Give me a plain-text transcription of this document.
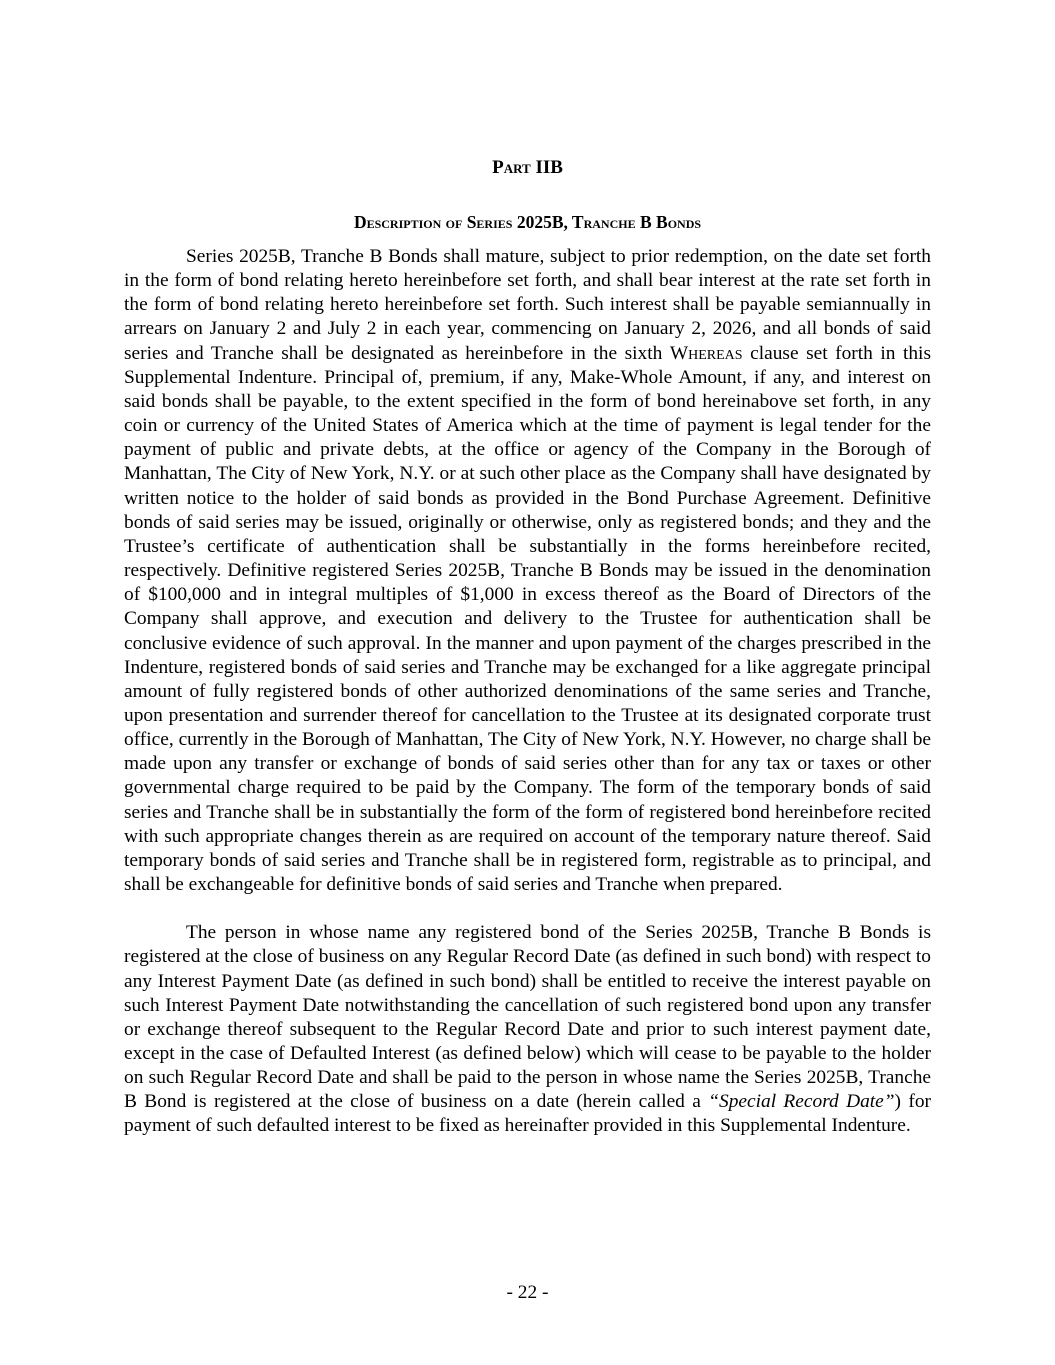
Part IIB
Description of Series 2025B, Tranche B Bonds

Series 2025B, Tranche B Bonds shall mature, subject to prior redemption, on the date set forth in the form of bond relating hereto hereinbefore set forth, and shall bear interest at the rate set forth in the form of bond relating hereto hereinbefore set forth. Such interest shall be payable semiannually in arrears on January 2 and July 2 in each year, commencing on January 2, 2026, and all bonds of said series and Tranche shall be designated as hereinbefore in the sixth Whereas clause set forth in this Supplemental Indenture. Principal of, premium, if any, Make-Whole Amount, if any, and interest on said bonds shall be payable, to the extent specified in the form of bond hereinabove set forth, in any coin or currency of the United States of America which at the time of payment is legal tender for the payment of public and private debts, at the office or agency of the Company in the Borough of Manhattan, The City of New York, N.Y. or at such other place as the Company shall have designated by written notice to the holder of said bonds as provided in the Bond Purchase Agreement. Definitive bonds of said series may be issued, originally or otherwise, only as registered bonds; and they and the Trustee’s certificate of authentication shall be substantially in the forms hereinbefore recited, respectively. Definitive registered Series 2025B, Tranche B Bonds may be issued in the denomination of $100,000 and in integral multiples of $1,000 in excess thereof as the Board of Directors of the Company shall approve, and execution and delivery to the Trustee for authentication shall be conclusive evidence of such approval. In the manner and upon payment of the charges prescribed in the Indenture, registered bonds of said series and Tranche may be exchanged for a like aggregate principal amount of fully registered bonds of other authorized denominations of the same series and Tranche, upon presentation and surrender thereof for cancellation to the Trustee at its designated corporate trust office, currently in the Borough of Manhattan, The City of New York, N.Y. However, no charge shall be made upon any transfer or exchange of bonds of said series other than for any tax or taxes or other governmental charge required to be paid by the Company. The form of the temporary bonds of said series and Tranche shall be in substantially the form of the form of registered bond hereinbefore recited with such appropriate changes therein as are required on account of the temporary nature thereof. Said temporary bonds of said series and Tranche shall be in registered form, registrable as to principal, and shall be exchangeable for definitive bonds of said series and Tranche when prepared.

The person in whose name any registered bond of the Series 2025B, Tranche B Bonds is registered at the close of business on any Regular Record Date (as defined in such bond) with respect to any Interest Payment Date (as defined in such bond) shall be entitled to receive the interest payable on such Interest Payment Date notwithstanding the cancellation of such registered bond upon any transfer or exchange thereof subsequent to the Regular Record Date and prior to such interest payment date, except in the case of Defaulted Interest (as defined below) which will cease to be payable to the holder on such Regular Record Date and shall be paid to the person in whose name the Series 2025B, Tranche B Bond is registered at the close of business on a date (herein called a “Special Record Date”) for payment of such defaulted interest to be fixed as hereinafter provided in this Supplemental Indenture.

- 22 -
